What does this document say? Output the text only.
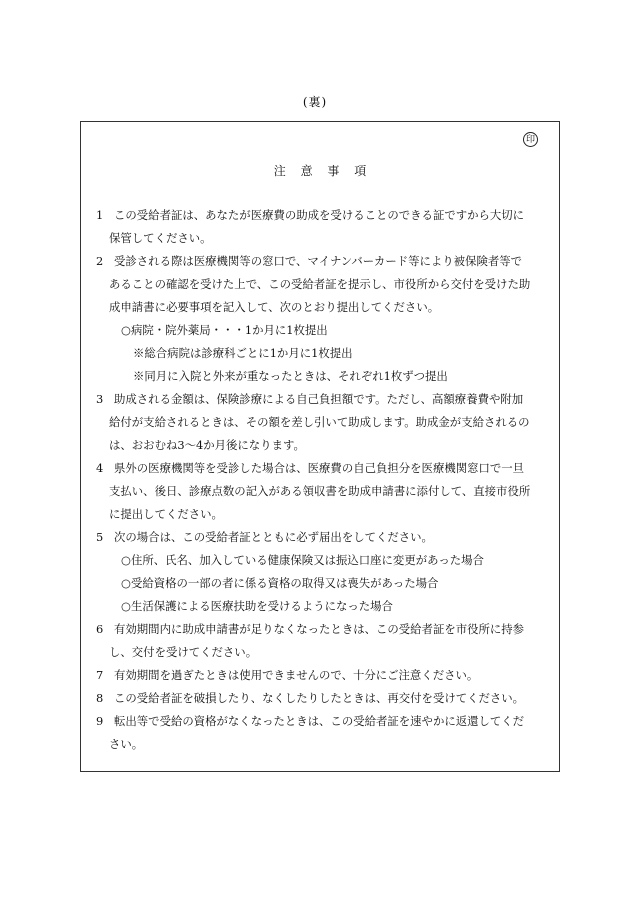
(裏)
印
注 意 事 項
1 この受給者証は、あなたが医療費の助成を受けることのできる証ですから大切に
保管してください。
2 受診される際は医療機関等の窓口で、マイナンバーカード等により被保険者等で
あることの確認を受けた上で、この受給者証を提示し、市役所から交付を受けた助
成申請書に必要事項を記入して、次のとおり提出してください。
○病院・院外薬局・・・1か月に1枚提出
※総合病院は診療科ごとに1か月に1枚提出
※同月に入院と外来が重なったときは、それぞれ1枚ずつ提出
3 助成される金額は、保険診療による自己負担額です。ただし、高額療養費や附加
給付が支給されるときは、その額を差し引いて助成します。助成金が支給されるの
は、おおむね3〜4か月後になります。
4 県外の医療機関等を受診した場合は、医療費の自己負担分を医療機関窓口で一旦
支払い、後日、診療点数の記入がある領収書を助成申請書に添付して、直接市役所
に提出してください。
5 次の場合は、この受給者証とともに必ず届出をしてください。
○住所、氏名、加入している健康保険又は振込口座に変更があった場合
○受給資格の一部の者に係る資格の取得又は喪失があった場合
○生活保護による医療扶助を受けるようになった場合
6 有効期間内に助成申請書が足りなくなったときは、この受給者証を市役所に持参
し、交付を受けてください。
7 有効期間を過ぎたときは使用できませんので、十分にご注意ください。
8 この受給者証を破損したり、なくしたりしたときは、再交付を受けてください。
9 転出等で受給の資格がなくなったときは、この受給者証を速やかに返還してくだ
さい。
